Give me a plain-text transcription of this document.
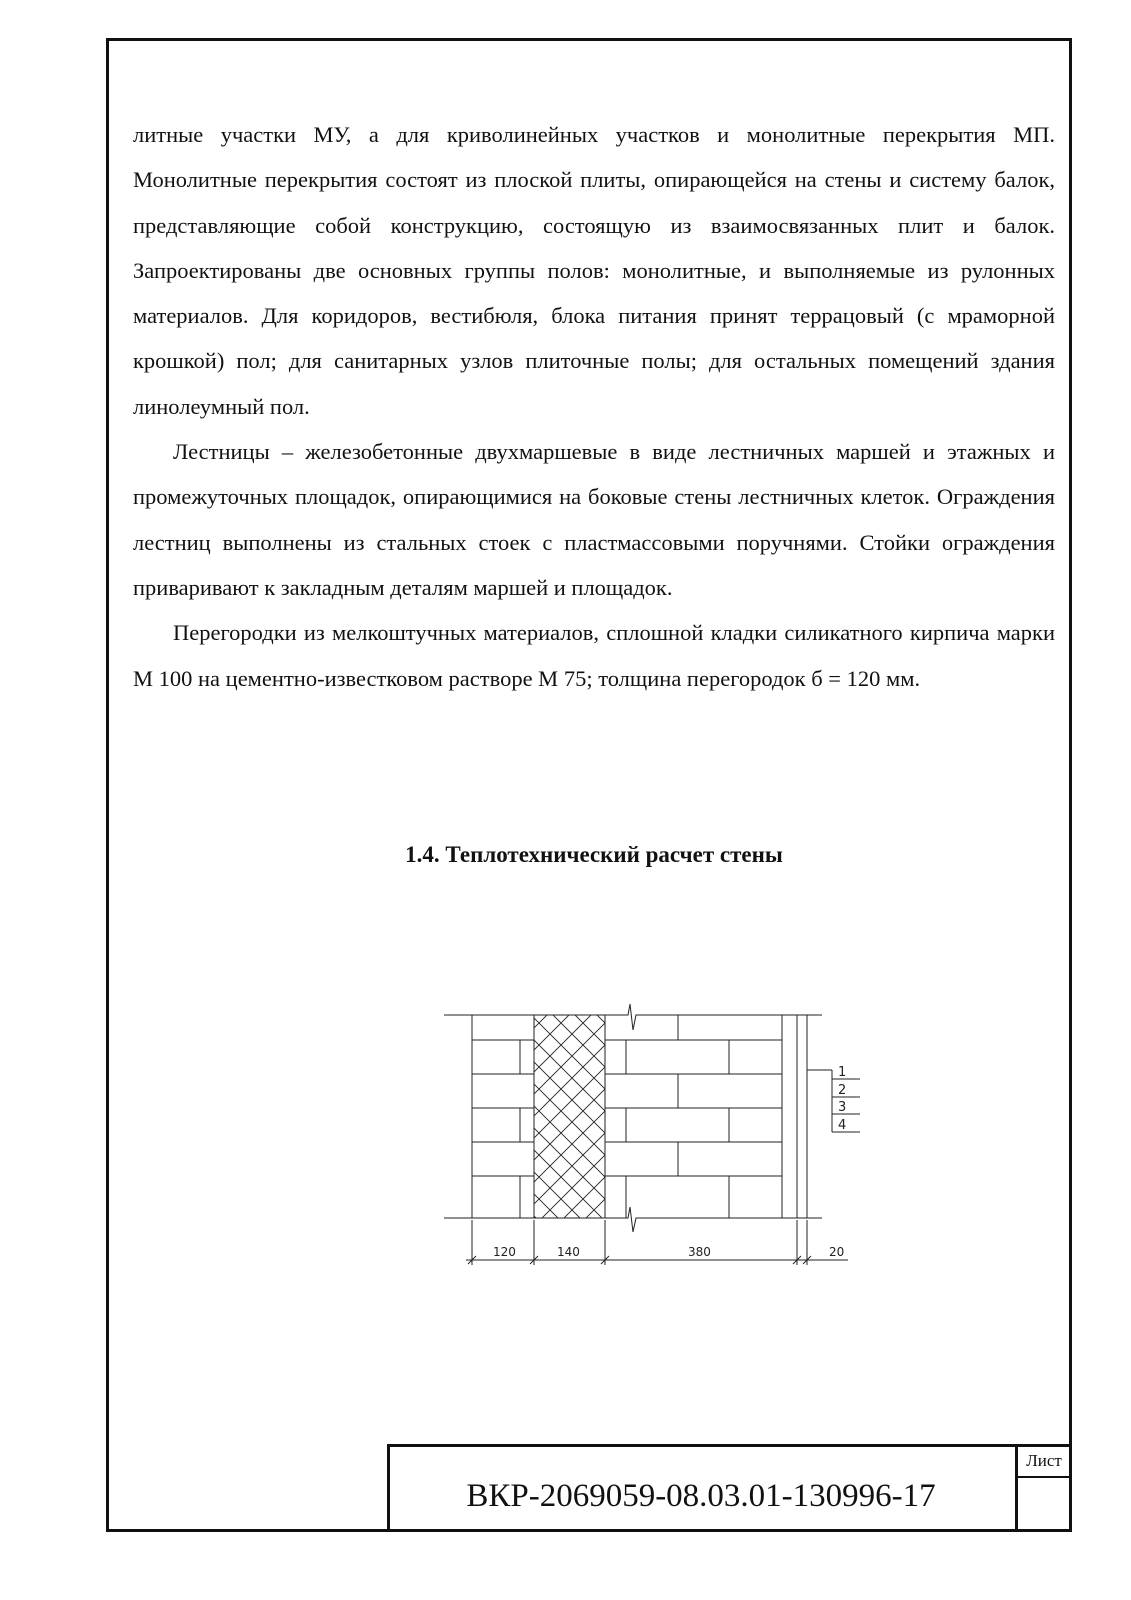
литные участки МУ, а для криволинейных участков и монолитные перекрытия МП. Монолитные перекрытия состоят из плоской плиты, опирающейся на стены и систему балок, представляющие собой конструкцию, состоящую из взаимосвязанных плит и балок. Запроектированы две основных группы полов: монолитные, и выполняемые из рулонных материалов. Для коридоров, вестибюля, блока питания принят террацовый (с мраморной крошкой) пол; для санитарных узлов плиточные полы; для остальных помещений здания линолеумный пол.

Лестницы – железобетонные двухмаршевые в виде лестничных маршей и этажных и промежуточных площадок, опирающимися на боковые стены лестничных клеток. Ограждения лестниц выполнены из стальных стоек с пластмассовыми поручнями. Стойки ограждения приваривают к закладным деталям маршей и площадок.

Перегородки из мелкоштучных материалов, сплошной кладки силикатного кирпича марки М 100 на цементно-известковом растворе М 75; толщина перегородок б = 120 мм.

1.4. Теплотехнический расчет стены
1
2
3
4
120	140	380	20
ВКР-2069059-08.03.01-130996-17
Лист
